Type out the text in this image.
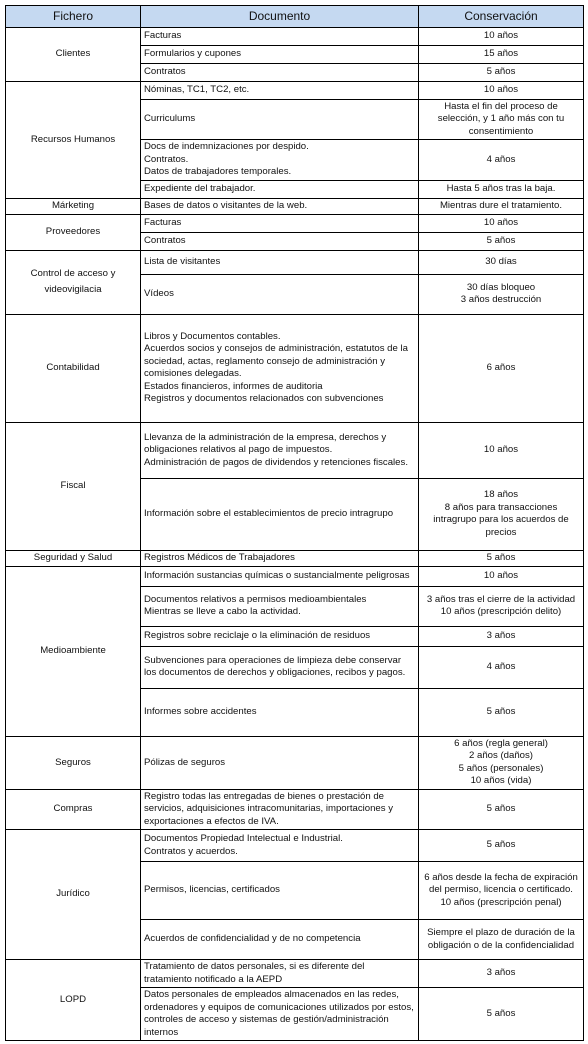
Fichero	Documento	Conservación

Clientes	Facturas	10 años

	Formularios y cupones	15 años

	Contratos	5 años

Recursos Humanos	Nóminas, TC1, TC2, etc.	10 años

	Curriculums	Hasta el fin del proceso de selección, y 1 año más con tu consentimiento

	Docs de indemnizaciones por despido.
Contratos.
Datos de trabajadores temporales.	4 años

	Expediente del trabajador.	Hasta 5 años tras la baja.

Márketing	Bases de datos o visitantes de la web.	Mientras dure el tratamiento.

Proveedores	Facturas	10 años

	Contratos	5 años

Control de acceso y
videovigilacia	Lista de visitantes	30 días

	Vídeos	30 días bloqueo
3 años destrucción

Contabilidad	Libros y Documentos contables.
Acuerdos socios y consejos de administración, estatutos de la sociedad, actas, reglamento consejo de administración y comisiones delegadas.
Estados financieros, informes de auditoria
Registros y documentos relacionados con subvenciones	6 años

Fiscal	Llevanza de la administración de la empresa, derechos y obligaciones relativos al pago de impuestos.
Administración de pagos de dividendos y retenciones fiscales.	10 años

	Información sobre el establecimientos de precio intragrupo	18 años
8 años para transacciones intragrupo para los acuerdos de precios

Seguridad y Salud	Registros Médicos de Trabajadores	5 años

Medioambiente	Información sustancias químicas o sustancialmente peligrosas	10 años

	Documentos relativos a permisos medioambientales
Mientras se lleve a cabo la actividad.	3 años tras el cierre de la actividad
10 años (prescripción delito)

	Registros sobre reciclaje o la eliminación de residuos	3 años

	Subvenciones para operaciones de limpieza debe conservar los documentos de derechos y obligaciones, recibos y pagos.	4 años

	Informes sobre accidentes	5 años

Seguros	Pólizas de seguros	6 años (regla general)
2 años (daños)
5 años (personales)
10 años (vida)

Compras	Registro todas las entregadas de bienes o prestación de servicios, adquisiciones intracomunitarias, importaciones y exportaciones a efectos de IVA.	5 años

Jurídico	Documentos Propiedad Intelectual e Industrial.
Contratos y acuerdos.	5 años

	Permisos, licencias, certificados	6 años desde la fecha de expiración del permiso, licencia o certificado.
10 años (prescripción penal)

	Acuerdos de confidencialidad y de no competencia	Siempre el plazo de duración de la obligación o de la confidencialidad

LOPD	Tratamiento de datos personales, si es diferente del tratamiento notificado a la AEPD	3 años

	Datos personales de empleados almacenados en las redes, ordenadores y equipos de comunicaciones utilizados por estos, controles de acceso y sistemas de gestión/administración internos	5 años
